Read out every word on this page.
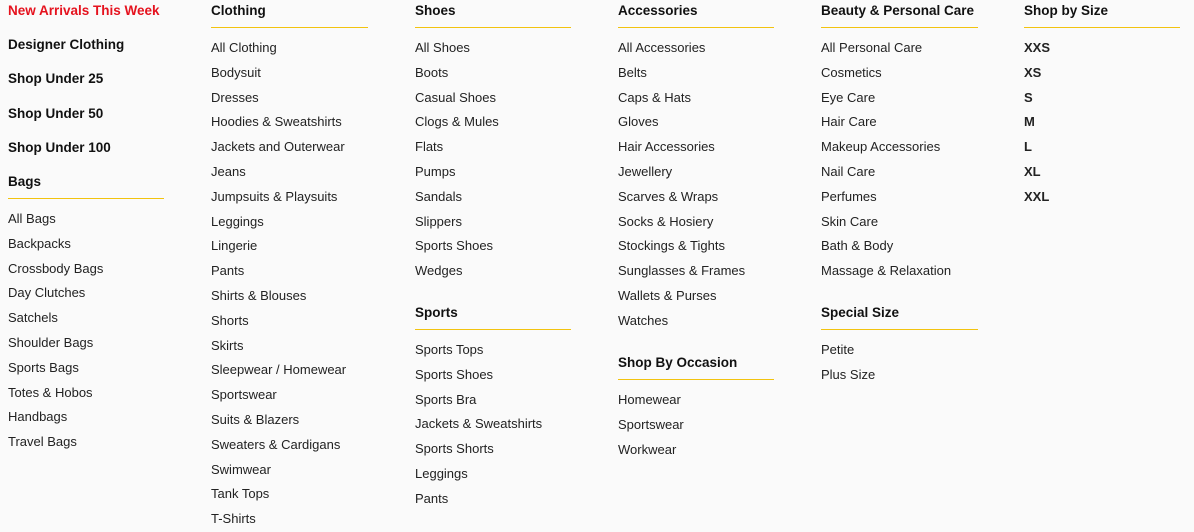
New Arrivals This Week
Designer Clothing
Shop Under 25
Shop Under 50
Shop Under 100
Bags
All Bags
Backpacks
Crossbody Bags
Day Clutches
Satchels
Shoulder Bags
Sports Bags
Totes & Hobos
Handbags
Travel Bags
Clothing
All Clothing
Bodysuit
Dresses
Hoodies & Sweatshirts
Jackets and Outerwear
Jeans
Jumpsuits & Playsuits
Leggings
Lingerie
Pants
Shirts & Blouses
Shorts
Skirts
Sleepwear / Homewear
Sportswear
Suits & Blazers
Sweaters & Cardigans
Swimwear
Tank Tops
T-Shirts
Shoes
All Shoes
Boots
Casual Shoes
Clogs & Mules
Flats
Pumps
Sandals
Slippers
Sports Shoes
Wedges
Sports
Sports Tops
Sports Shoes
Sports Bra
Jackets & Sweatshirts
Sports Shorts
Leggings
Pants
Accessories
All Accessories
Belts
Caps & Hats
Gloves
Hair Accessories
Jewellery
Scarves & Wraps
Socks & Hosiery
Stockings & Tights
Sunglasses & Frames
Wallets & Purses
Watches
Shop By Occasion
Homewear
Sportswear
Workwear
Beauty & Personal Care
All Personal Care
Cosmetics
Eye Care
Hair Care
Makeup Accessories
Nail Care
Perfumes
Skin Care
Bath & Body
Massage & Relaxation
Special Size
Petite
Plus Size
Shop by Size
XXS
XS
S
M
L
XL
XXL
